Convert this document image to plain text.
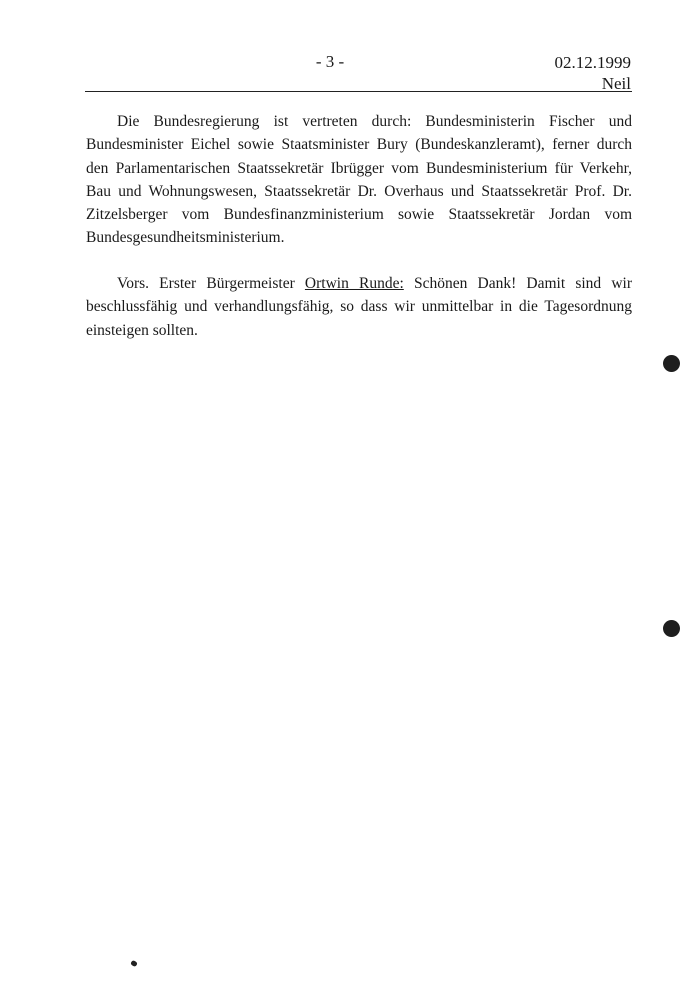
- 3 -	02.12.1999
Neil
Die Bundesregierung ist vertreten durch: Bundesministerin Fischer und Bundesminister Eichel sowie Staatsminister Bury (Bundeskanzleramt), ferner durch den Parlamentarischen Staatssekretär Ibrügger vom Bundesministerium für Verkehr, Bau und Wohnungswesen, Staatssekretär Dr. Overhaus und Staatssekretär Prof. Dr. Zitzelsberger vom Bundesfinanzministerium sowie Staatssekretär Jordan vom Bundesgesundheitsministerium.
Vors. Erster Bürgermeister Ortwin Runde: Schönen Dank! Damit sind wir beschlussfähig und verhandlungsfähig, so dass wir unmittelbar in die Tagesordnung einsteigen sollten.
